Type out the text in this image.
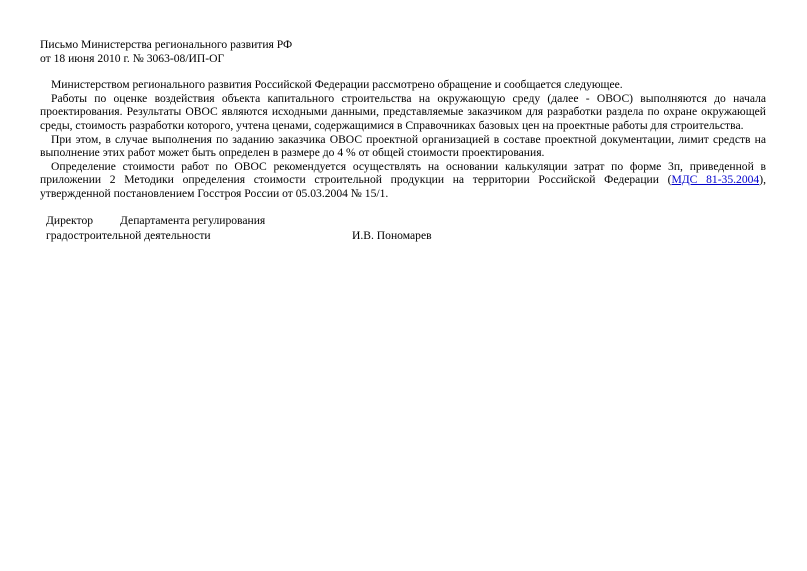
Письмо Министерства регионального развития РФ

от 18 июня 2010 г. № 3063-08/ИП-ОГ

Министерством регионального развития Российской Федерации рассмотрено обращение и сообщается следующее.

Работы по оценке воздействия объекта капитального строительства на окружающую среду (далее - ОВОС) выполняются до начала проектирования. Результаты ОВОС являются исходными данными, представляемые заказчиком для разработки раздела по охране окружающей среды, стоимость разработки которого, учтена ценами, содержащимися в Справочниках базовых цен на проектные работы для строительства.

При этом, в случае выполнения по заданию заказчика ОВОС проектной организацией в составе проектной документации, лимит средств на выполнение этих работ может быть определен в размере до 4 % от общей стоимости проектирования.

Определение стоимости работ по ОВОС рекомендуется осуществлять на основании калькуляции затрат по форме 3п, приведенной в приложении 2 Методики определения стоимости строительной продукции на территории Российской Федерации (МДС 81-35.2004), утвержденной постановлением Госстроя России от 05.03.2004 № 15/1.

Директор Департамента регулирования
градостроительной деятельности	И.В. Пономарев
